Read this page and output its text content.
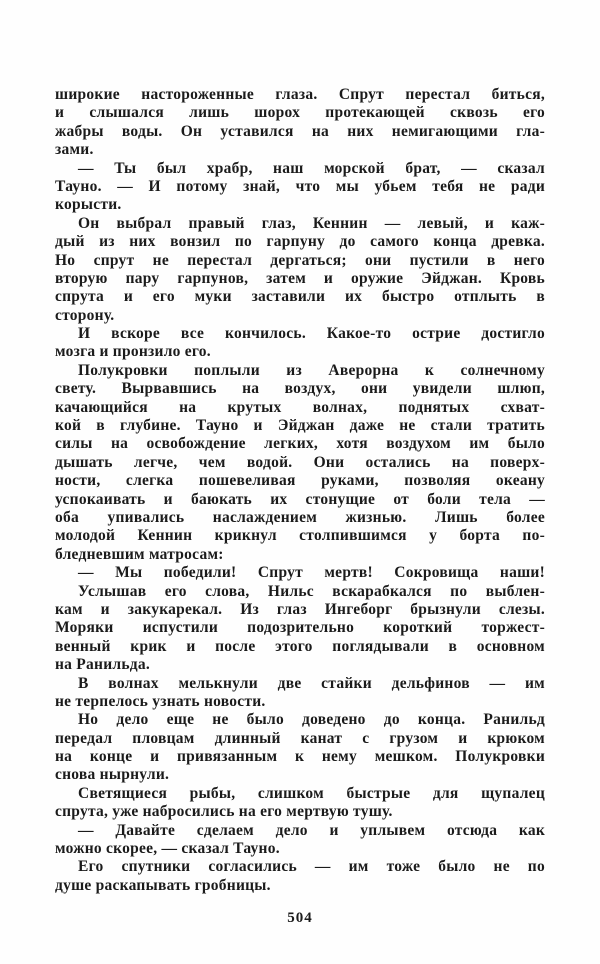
широкие настороженные глаза. Спрут перестал биться,
и слышался лишь шорох протекающей сквозь его
жабры воды. Он уставился на них немигающими гла-
зами.
— Ты был храбр, наш морской брат, — сказал
Тауно. — И потому знай, что мы убьем тебя не ради
корысти.
Он выбрал правый глаз, Кеннин — левый, и каж-
дый из них вонзил по гарпуну до самого конца древка.
Но спрут не перестал дергаться; они пустили в него
вторую пару гарпунов, затем и оружие Эйджан. Кровь
спрута и его муки заставили их быстро отплыть в
сторону.
И вскоре все кончилось. Какое-то острие достигло
мозга и пронзило его.
Полукровки поплыли из Аверорна к солнечному
свету. Вырвавшись на воздух, они увидели шлюп,
качающийся на крутых волнах, поднятых схват-
кой в глубине. Тауно и Эйджан даже не стали тратить
силы на освобождение легких, хотя воздухом им было
дышать легче, чем водой. Они остались на поверх-
ности, слегка пошевеливая руками, позволяя океану
успокаивать и баюкать их стонущие от боли тела —
оба упивались наслаждением жизнью. Лишь более
молодой Кеннин крикнул столпившимся у борта по-
бледневшим матросам:
— Мы победили! Спрут мертв! Сокровища наши!
Услышав его слова, Нильс вскарабкался по выблен-
кам и закукарекал. Из глаз Ингеборг брызнули слезы.
Моряки испустили подозрительно короткий торжест-
венный крик и после этого поглядывали в основном
на Ранильда.
В волнах мелькнули две стайки дельфинов — им
не терпелось узнать новости.
Но дело еще не было доведено до конца. Ранильд
передал пловцам длинный канат с грузом и крюком
на конце и привязанным к нему мешком. Полукровки
снова нырнули.
Светящиеся рыбы, слишком быстрые для щупалец
спрута, уже набросились на его мертвую тушу.
— Давайте сделаем дело и уплывем отсюда как
можно скорее, — сказал Тауно.
Его спутники согласились — им тоже было не по
душе раскапывать гробницы.
504
